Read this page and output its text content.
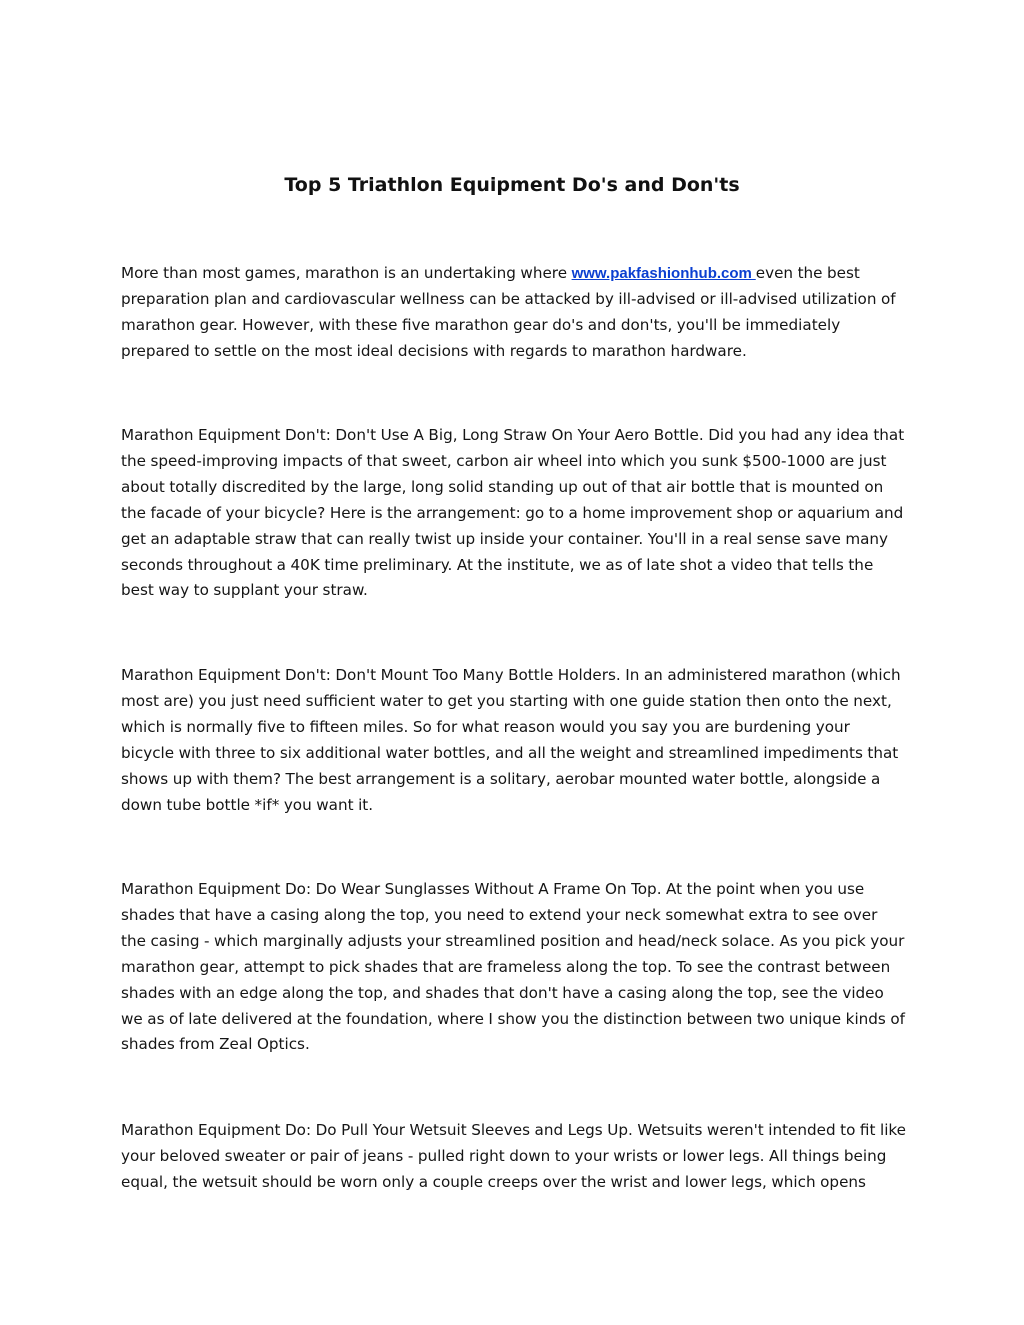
Top 5 Triathlon Equipment Do's and Don'ts

More than most games, marathon is an undertaking where www.pakfashionhub.com even the best preparation plan and cardiovascular wellness can be attacked by ill-advised or ill-advised utilization of marathon gear. However, with these five marathon gear do's and don'ts, you'll be immediately prepared to settle on the most ideal decisions with regards to marathon hardware.

Marathon Equipment Don't: Don't Use A Big, Long Straw On Your Aero Bottle. Did you had any idea that the speed-improving impacts of that sweet, carbon air wheel into which you sunk $500-1000 are just about totally discredited by the large, long solid standing up out of that air bottle that is mounted on the facade of your bicycle? Here is the arrangement: go to a home improvement shop or aquarium and get an adaptable straw that can really twist up inside your container. You'll in a real sense save many seconds throughout a 40K time preliminary. At the institute, we as of late shot a video that tells the best way to supplant your straw.

Marathon Equipment Don't: Don't Mount Too Many Bottle Holders. In an administered marathon (which most are) you just need sufficient water to get you starting with one guide station then onto the next, which is normally five to fifteen miles. So for what reason would you say you are burdening your bicycle with three to six additional water bottles, and all the weight and streamlined impediments that shows up with them? The best arrangement is a solitary, aerobar mounted water bottle, alongside a down tube bottle *if* you want it.

Marathon Equipment Do: Do Wear Sunglasses Without A Frame On Top. At the point when you use shades that have a casing along the top, you need to extend your neck somewhat extra to see over the casing - which marginally adjusts your streamlined position and head/neck solace. As you pick your marathon gear, attempt to pick shades that are frameless along the top. To see the contrast between shades with an edge along the top, and shades that don't have a casing along the top, see the video we as of late delivered at the foundation, where I show you the distinction between two unique kinds of shades from Zeal Optics.

Marathon Equipment Do: Do Pull Your Wetsuit Sleeves and Legs Up. Wetsuits weren't intended to fit like your beloved sweater or pair of jeans - pulled right down to your wrists or lower legs. All things being equal, the wetsuit should be worn only a couple creeps over the wrist and lower legs, which opens
